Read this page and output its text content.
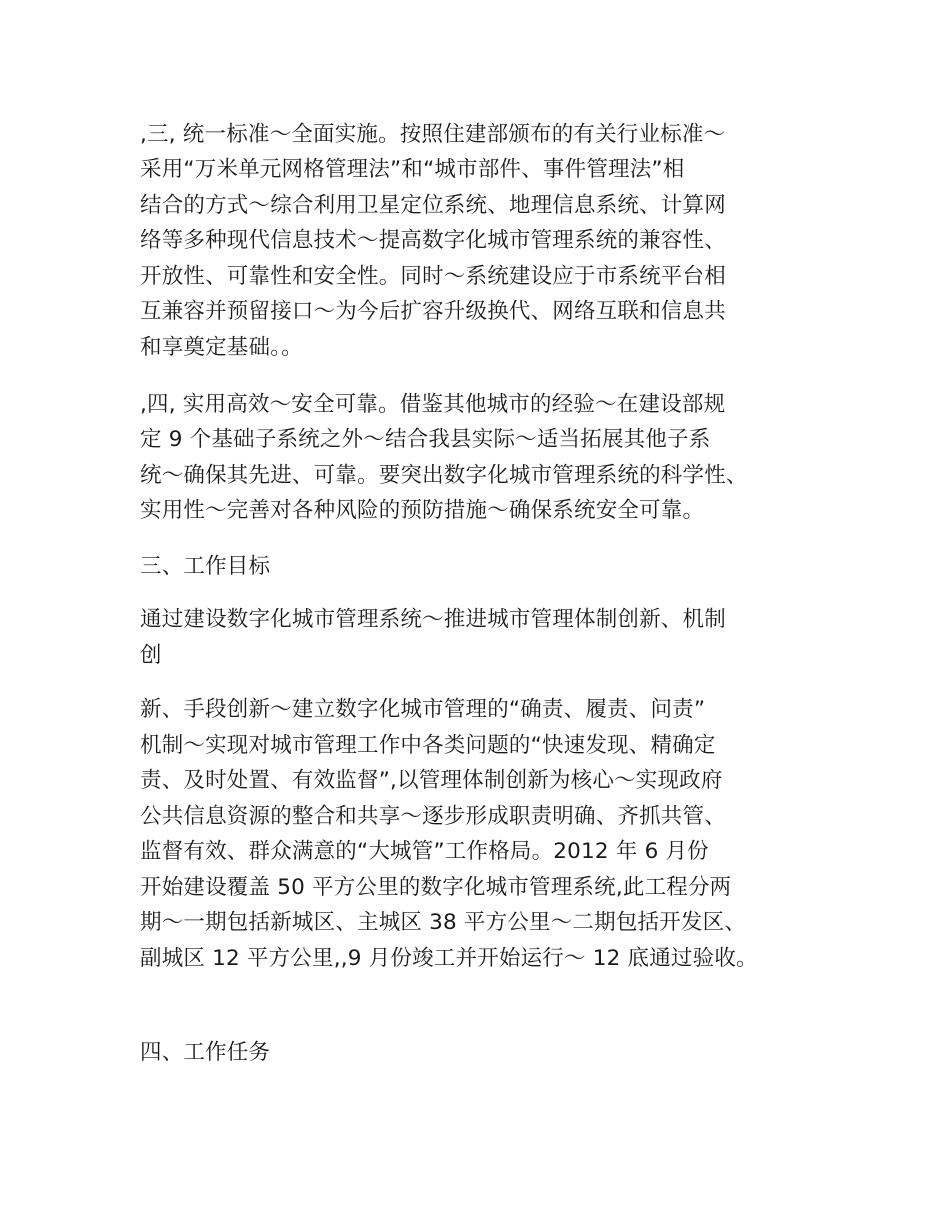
,三, 统一标准～全面实施。按照住建部颁布的有关行业标准～
采用“万米单元网格管理法”和“城市部件、事件管理法”相
结合的方式～综合利用卫星定位系统、地理信息系统、计算网
络等多种现代信息技术～提高数字化城市管理系统的兼容性、
开放性、可靠性和安全性。同时～系统建设应于市系统平台相
互兼容并预留接口～为今后扩容升级换代、网络互联和信息共
和享奠定基础。。
,四, 实用高效～安全可靠。借鉴其他城市的经验～在建设部规
定 9 个基础子系统之外～结合我县实际～适当拓展其他子系
统～确保其先进、可靠。要突出数字化城市管理系统的科学性、
实用性～完善对各种风险的预防措施～确保系统安全可靠。
三、工作目标
通过建设数字化城市管理系统～推进城市管理体制创新、机制
创
新、手段创新～建立数字化城市管理的“确责、履责、问责”
机制～实现对城市管理工作中各类问题的“快速发现、精确定
责、及时处置、有效监督”,以管理体制创新为核心～实现政府
公共信息资源的整合和共享～逐步形成职责明确、齐抓共管、
监督有效、群众满意的“大城管”工作格局。2012 年 6 月份
开始建设覆盖 50 平方公里的数字化城市管理系统,此工程分两
期～一期包括新城区、主城区 38 平方公里～二期包括开发区、
副城区 12 平方公里,,9 月份竣工并开始运行～ 12 底通过验收。
四、工作任务
